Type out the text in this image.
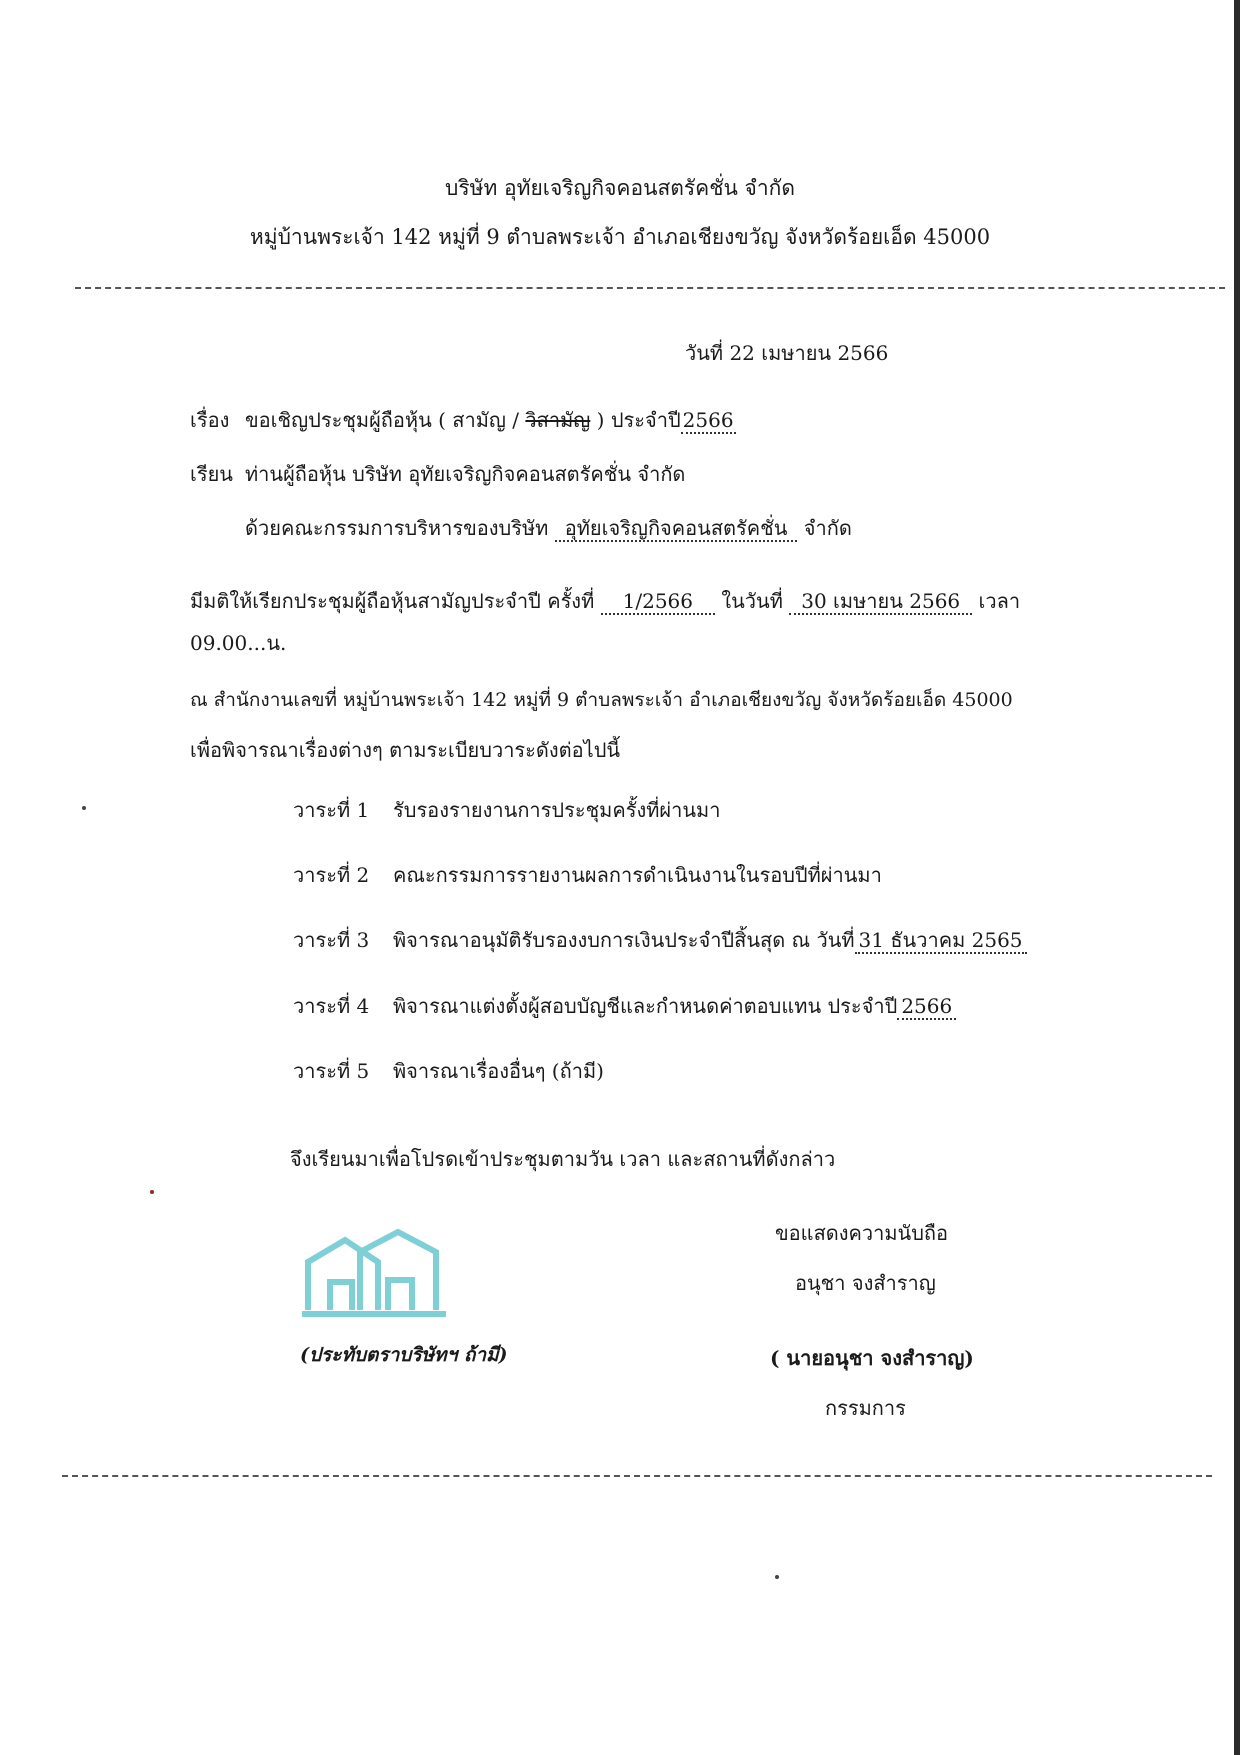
บริษัท อุทัยเจริญกิจคอนสตรัคชั่น จำกัด
หมู่บ้านพระเจ้า 142 หมู่ที่ 9 ตำบลพระเจ้า อำเภอเชียงขวัญ จังหวัดร้อยเอ็ด 45000
วันที่ 22 เมษายน 2566
เรื่อง ขอเชิญประชุมผู้ถือหุ้น ( สามัญ / วิสามัญ ) ประจำปี 2566
เรียน ท่านผู้ถือหุ้น บริษัท อุทัยเจริญกิจคอนสตรัคชั่น จำกัด
ด้วยคณะกรรมการบริหารของบริษัท อุทัยเจริญกิจคอนสตรัคชั่น จำกัด
มีมติให้เรียกประชุมผู้ถือหุ้นสามัญประจำปี ครั้งที่ 1/2566 ในวันที่ 30 เมษายน 2566 เวลา
09.00...น.
ณ สำนักงานเลขที่ หมู่บ้านพระเจ้า 142 หมู่ที่ 9 ตำบลพระเจ้า อำเภอเชียงขวัญ จังหวัดร้อยเอ็ด 45000
เพื่อพิจารณาเรื่องต่างๆ ตามระเบียบวาระดังต่อไปนี้
วาระที่ 1 รับรองรายงานการประชุมครั้งที่ผ่านมา
วาระที่ 2 คณะกรรมการรายงานผลการดำเนินงานในรอบปีที่ผ่านมา
วาระที่ 3 พิจารณาอนุมัติรับรองงบการเงินประจำปีสิ้นสุด ณ วันที่ 31 ธันวาคม 2565
วาระที่ 4 พิจารณาแต่งตั้งผู้สอบบัญชีและกำหนดค่าตอบแทน ประจำปี 2566
วาระที่ 5 พิจารณาเรื่องอื่นๆ (ถ้ามี)
จึงเรียนมาเพื่อโปรดเข้าประชุมตามวัน เวลา และสถานที่ดังกล่าว
ขอแสดงความนับถือ
อนุชา จงสำราญ
( นายอนุชา จงสำราญ)
กรรมการ
(ประทับตราบริษัทฯ ถ้ามี)
